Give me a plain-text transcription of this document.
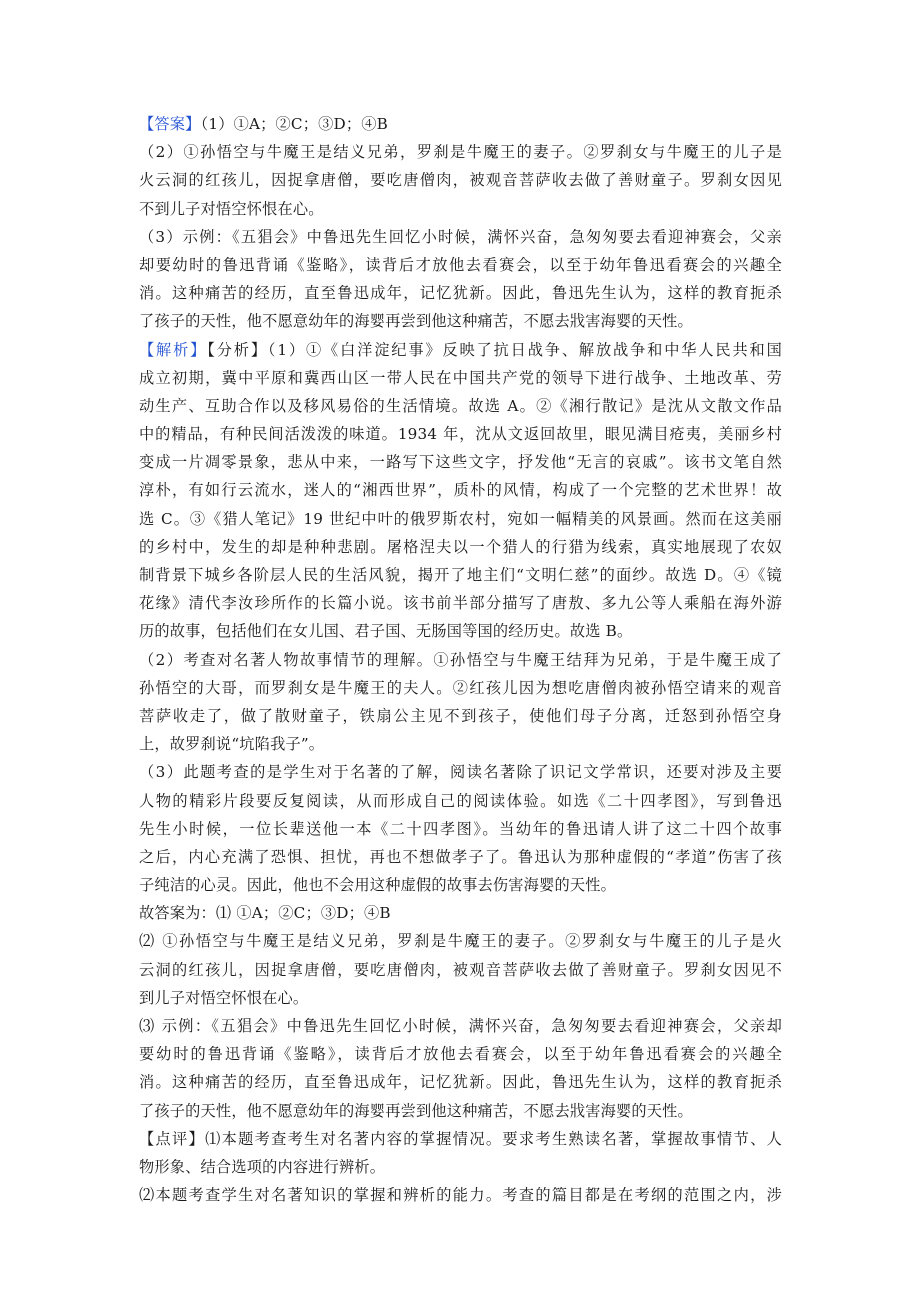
【答案】（1）①A；②C；③D；④B
（2）①孙悟空与牛魔王是结义兄弟，罗刹是牛魔王的妻子。②罗刹女与牛魔王的儿子是
火云洞的红孩儿，因捉拿唐僧，要吃唐僧肉，被观音菩萨收去做了善财童子。罗刹女因见
不到儿子对悟空怀恨在心。
（3）示例：《五猖会》中鲁迅先生回忆小时候，满怀兴奋，急匆匆要去看迎神赛会，父亲
却要幼时的鲁迅背诵《鉴略》，读背后才放他去看赛会，以至于幼年鲁迅看赛会的兴趣全
消。这种痛苦的经历，直至鲁迅成年，记忆犹新。因此，鲁迅先生认为，这样的教育扼杀
了孩子的天性，他不愿意幼年的海婴再尝到他这种痛苦，不愿去戕害海婴的天性。
【解析】【分析】（1）①《白洋淀纪事》反映了抗日战争、解放战争和中华人民共和国
成立初期，冀中平原和冀西山区一带人民在中国共产党的领导下进行战争、土地改革、劳
动生产、互助合作以及移风易俗的生活情境。故选 A。②《湘行散记》是沈从文散文作品
中的精品，有种民间活泼泼的味道。1934 年，沈从文返回故里，眼见满目疮夷，美丽乡村
变成一片凋零景象，悲从中来，一路写下这些文字，抒发他“无言的哀戚”。该书文笔自然
淳朴，有如行云流水，迷人的“湘西世界”，质朴的风情，构成了一个完整的艺术世界！故
选 C。③《猎人笔记》19 世纪中叶的俄罗斯农村，宛如一幅精美的风景画。然而在这美丽
的乡村中，发生的却是种种悲剧。屠格涅夫以一个猎人的行猎为线索，真实地展现了农奴
制背景下城乡各阶层人民的生活风貌，揭开了地主们“文明仁慈”的面纱。故选 D。④《镜
花缘》清代李汝珍所作的长篇小说。该书前半部分描写了唐敖、多九公等人乘船在海外游
历的故事，包括他们在女儿国、君子国、无肠国等国的经历史。故选 B。
（2）考查对名著人物故事情节的理解。①孙悟空与牛魔王结拜为兄弟，于是牛魔王成了
孙悟空的大哥，而罗刹女是牛魔王的夫人。②红孩儿因为想吃唐僧肉被孙悟空请来的观音
菩萨收走了，做了散财童子，铁扇公主见不到孩子，使他们母子分离，迁怒到孙悟空身
上，故罗刹说“坑陷我子”。
（3）此题考查的是学生对于名著的了解，阅读名著除了识记文学常识，还要对涉及主要
人物的精彩片段要反复阅读，从而形成自己的阅读体验。如选《二十四孝图》，写到鲁迅
先生小时候，一位长辈送他一本《二十四孝图》。当幼年的鲁迅请人讲了这二十四个故事
之后，内心充满了恐惧、担忧，再也不想做孝子了。鲁迅认为那种虚假的“孝道”伤害了孩
子纯洁的心灵。因此，他也不会用这种虚假的故事去伤害海婴的天性。
故答案为：⑴ ①A；②C；③D；④B
⑵ ①孙悟空与牛魔王是结义兄弟，罗刹是牛魔王的妻子。②罗刹女与牛魔王的儿子是火
云洞的红孩儿，因捉拿唐僧，要吃唐僧肉，被观音菩萨收去做了善财童子。罗刹女因见不
到儿子对悟空怀恨在心。
⑶ 示例：《五猖会》中鲁迅先生回忆小时候，满怀兴奋，急匆匆要去看迎神赛会，父亲却
要幼时的鲁迅背诵《鉴略》，读背后才放他去看赛会，以至于幼年鲁迅看赛会的兴趣全
消。这种痛苦的经历，直至鲁迅成年，记忆犹新。因此，鲁迅先生认为，这样的教育扼杀
了孩子的天性，他不愿意幼年的海婴再尝到他这种痛苦，不愿去戕害海婴的天性。
【点评】⑴本题考查考生对名著内容的掌握情况。要求考生熟读名著，掌握故事情节、人
物形象、结合选项的内容进行辨析。
⑵本题考查学生对名著知识的掌握和辨析的能力。考查的篇目都是在考纲的范围之内，涉
